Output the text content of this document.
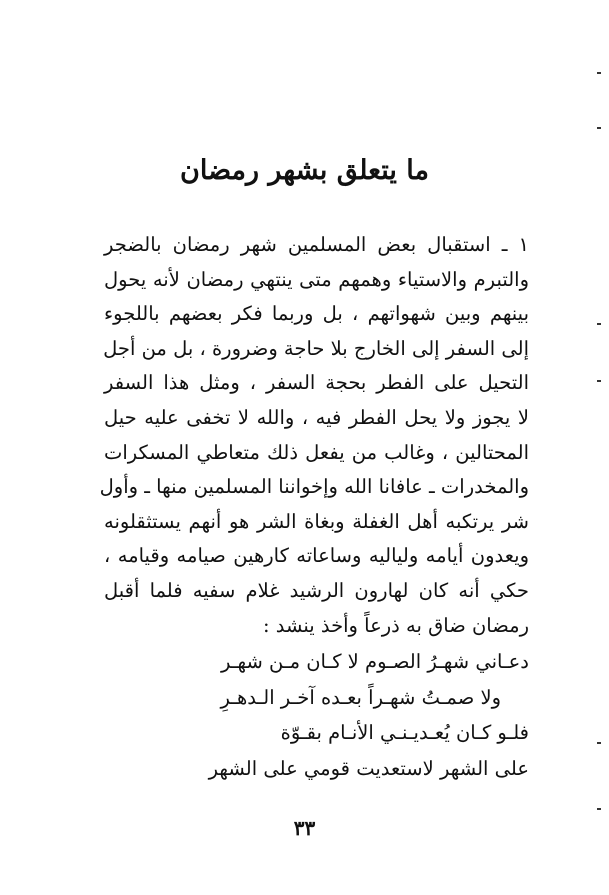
ما يتعلق بشهر رمضان
١ ـ استقبال بعض المسلمين شهر رمضان بالضجر
والتبرم والاستياء وهمهم متى ينتهي رمضان لأنه يحول
بينهم وبين شهواتهم ، بل وربما فكر بعضهم باللجوء
إلى السفر إلى الخارج بلا حاجة وضرورة ، بل من أجل
التحيل على الفطر بحجة السفر ، ومثل هذا السفر
لا يجوز ولا يحل الفطر فيه ، والله لا تخفى عليه حيل
المحتالين ، وغالب من يفعل ذلك متعاطي المسكرات
والمخدرات ـ عافانا الله وإخواننا المسلمين منها ـ وأول
شر يرتكبه أهل الغفلة وبغاة الشر هو أنهم يستثقلونه
ويعدون أيامه ولياليه وساعاته كارهين صيامه وقيامه ،
حكي أنه كان لهارون الرشيد غلام سفيه فلما أقبل
رمضان ضاق به ذرعاً وأخذ ينشد :
دعـاني شهـرُ الصـوم لا كـان مـن شهـر
ولا صمـتُ شهـراً بعـده آخـر الـدهـرِ
فلـو كـان يُعـديـنـي الأنـام بقـوّة
على الشهر لاستعديت قومي على الشهر
٣٣
